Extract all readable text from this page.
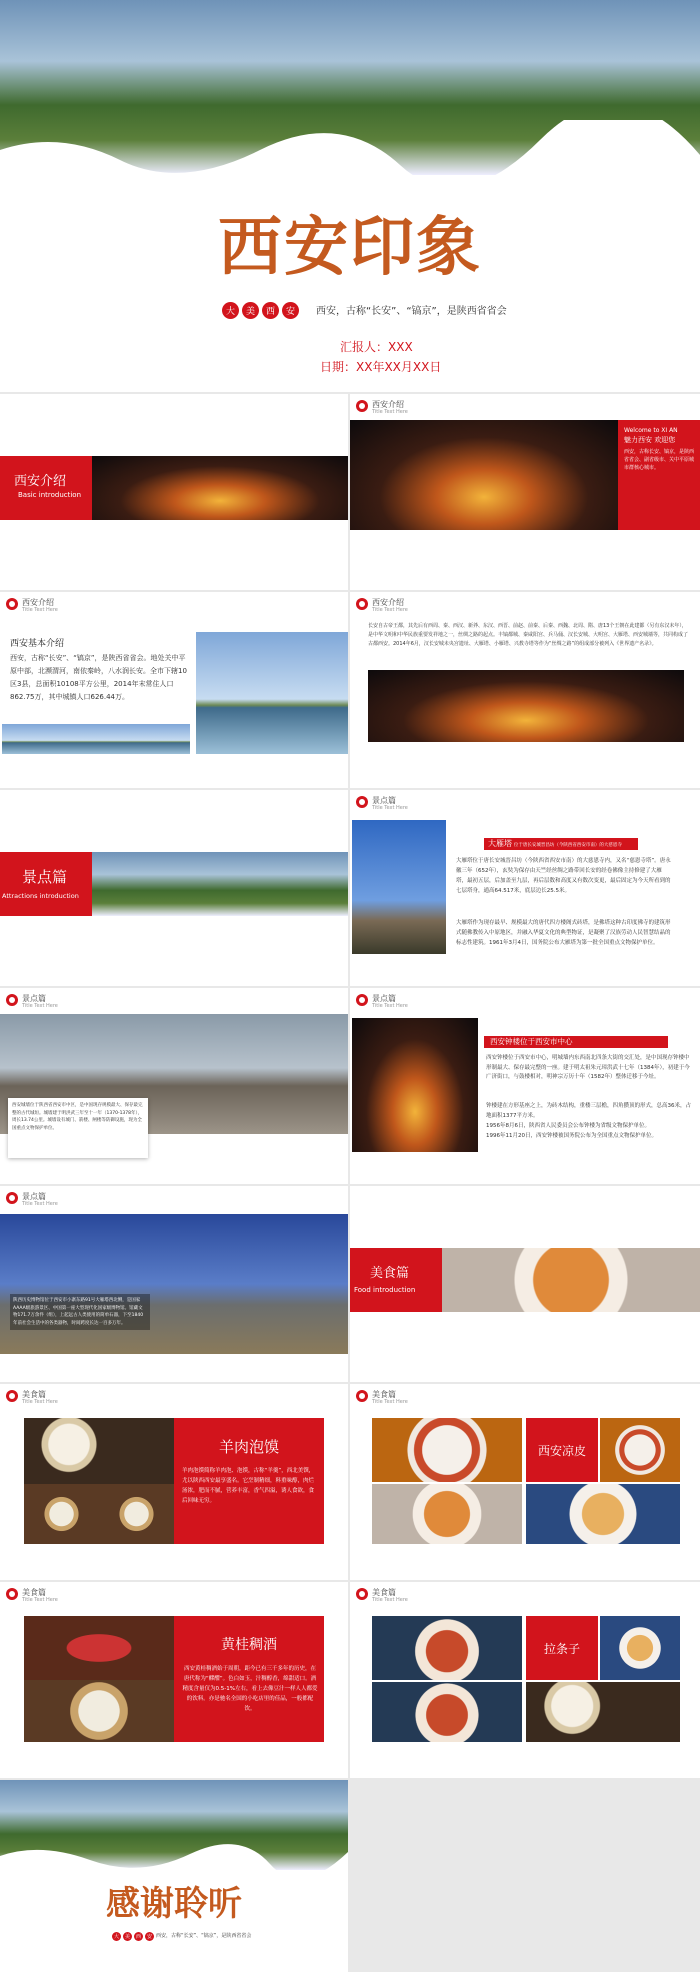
西安印象
大	美	西	安	西安，古称“长安”、“镐京”，是陕西省省会
汇报人：XXX
日期：XX年XX月XX日
西安介绍
Basic introduction
西安介绍
Title Text Here
Welcome to XI AN
魅力西安 欢迎您
西安，古称长安、镐京，是陕西省省会、副省级市、关中平原城市群核心城市。
西安介绍
Title Text Here
西安基本介绍
西安，古称“长安”、“镐京”，是陕西省省会。地处关中平原中部，北濒渭河，南依秦岭，八水润长安。全市下辖10区3县，总面积10108平方公里，2014年末常住人口862.75万，其中城镇人口626.44万。
西安介绍
Title Text Here
长安自古帝王都，其先后有西周、秦、西汉、新莽、东汉、西晋、前赵、前秦、后秦、西魏、北周、隋、唐13个王朝在此建都（另有东汉末年），是中华文明和中华民族重要发祥地之一，丝绸之路的起点。丰镐都城、秦咸阳宫、兵马俑、汉长安城、大明宫、大雁塔、西安城墙等，共同构成了古都西安。2014年6月，汉长安城未央宫遗址、大雁塔、小雁塔、兴教寺塔等作为“丝绸之路”的组成部分被列入《世界遗产名录》。
景点篇
Attractions introduction
景点篇
Title Text Here
大雁塔 位于唐长安城晋昌坊（今陕西省西安市南）的大慈恩寺
大雁塔位于唐长安城晋昌坊（今陕西省西安市南）的大慈恩寺内，又名“慈恩寺塔”。唐永徽三年（652年），玄奘为保存由天竺经丝绸之路带回长安的经卷佛像主持修建了大雁塔，最初五层，后加盖至九层，再后层数和高度又有数次变更，最后固定为今天所看到的七层塔身，通高64.517米，底层边长25.5米。
大雁塔作为现存最早、规模最大的唐代四方楼阁式砖塔，是佛塔这种古印度佛寺的建筑形式随佛教传入中原地区，并融入华夏文化的典型物证，是凝聚了汉族劳动人民智慧结晶的标志性建筑。1961年3月4日，国务院公布大雁塔为第一批全国重点文物保护单位。
景点篇
Title Text Here
西安城墙位于陕西省西安市中区，是中国现存规模最大、保存最完整的古代城垣。城墙建于明洪武三年至十一年（1370-1378年），周长13.74公里。城墙设有城门、箭楼、闸楼等防御设施，现为全国重点文物保护单位。
景点篇
Title Text Here
西安钟楼位于西安市中心
西安钟楼位于西安市中心，明城墙内东西南北四条大街的交汇处，是中国现存钟楼中形制最大、保存最完整的一座。建于明太祖朱元璋洪武十七年（1384年），初建于今广济街口，与鼓楼相对，明神宗万历十年（1582年）整体迁移于今址。
钟楼建在方形基座之上，为砖木结构，重楼三层檐，四角攒顶的形式，总高36米，占地面积1377平方米。
1956年8月6日，陕西省人民委员会公布钟楼为省级文物保护单位。
1996年11月20日，西安钟楼被国务院公布为全国重点文物保护单位。
景点篇
Title Text Here
陕西历史博物馆位于西安市小寨东路91号大雁塔西北侧，是国家AAAA级旅游景区、中国第一座大型现代化国家级博物馆。馆藏文物171.7万余件（组），上起远古人类使用的简单石器，下至1840年前社会生活中的各类器物，时间跨度长达一百多万年。
美食篇
Food introduction
美食篇
Title Text Here
羊肉泡馍
羊肉泡馍简称羊肉泡、泡馍，古称“羊羹”，西北美馔，尤以陕西西安最享盛名。它烹制精细，料重味醇，肉烂汤浓，肥而不腻，营养丰富，香气四溢，诱人食欲，食后回味无穷。
美食篇
Title Text Here
西安凉皮
美食篇
Title Text Here
黄桂稠酒
西安黄桂稠酒始于周朝，距今已有三千多年的历史，在唐代称为“醪醴”。色白如玉，汁稠醇香，绵甜适口。酒精度含量仅为0.5-1%左右，看上去像豆汁一样人人都爱的饮料。亦是驰名全国的小吃店里的佳品，一般都配饮。
美食篇
Title Text Here
拉条子
感谢聆听
大	美	西	安 西安，古称“长安”、“镐京”，是陕西省省会
